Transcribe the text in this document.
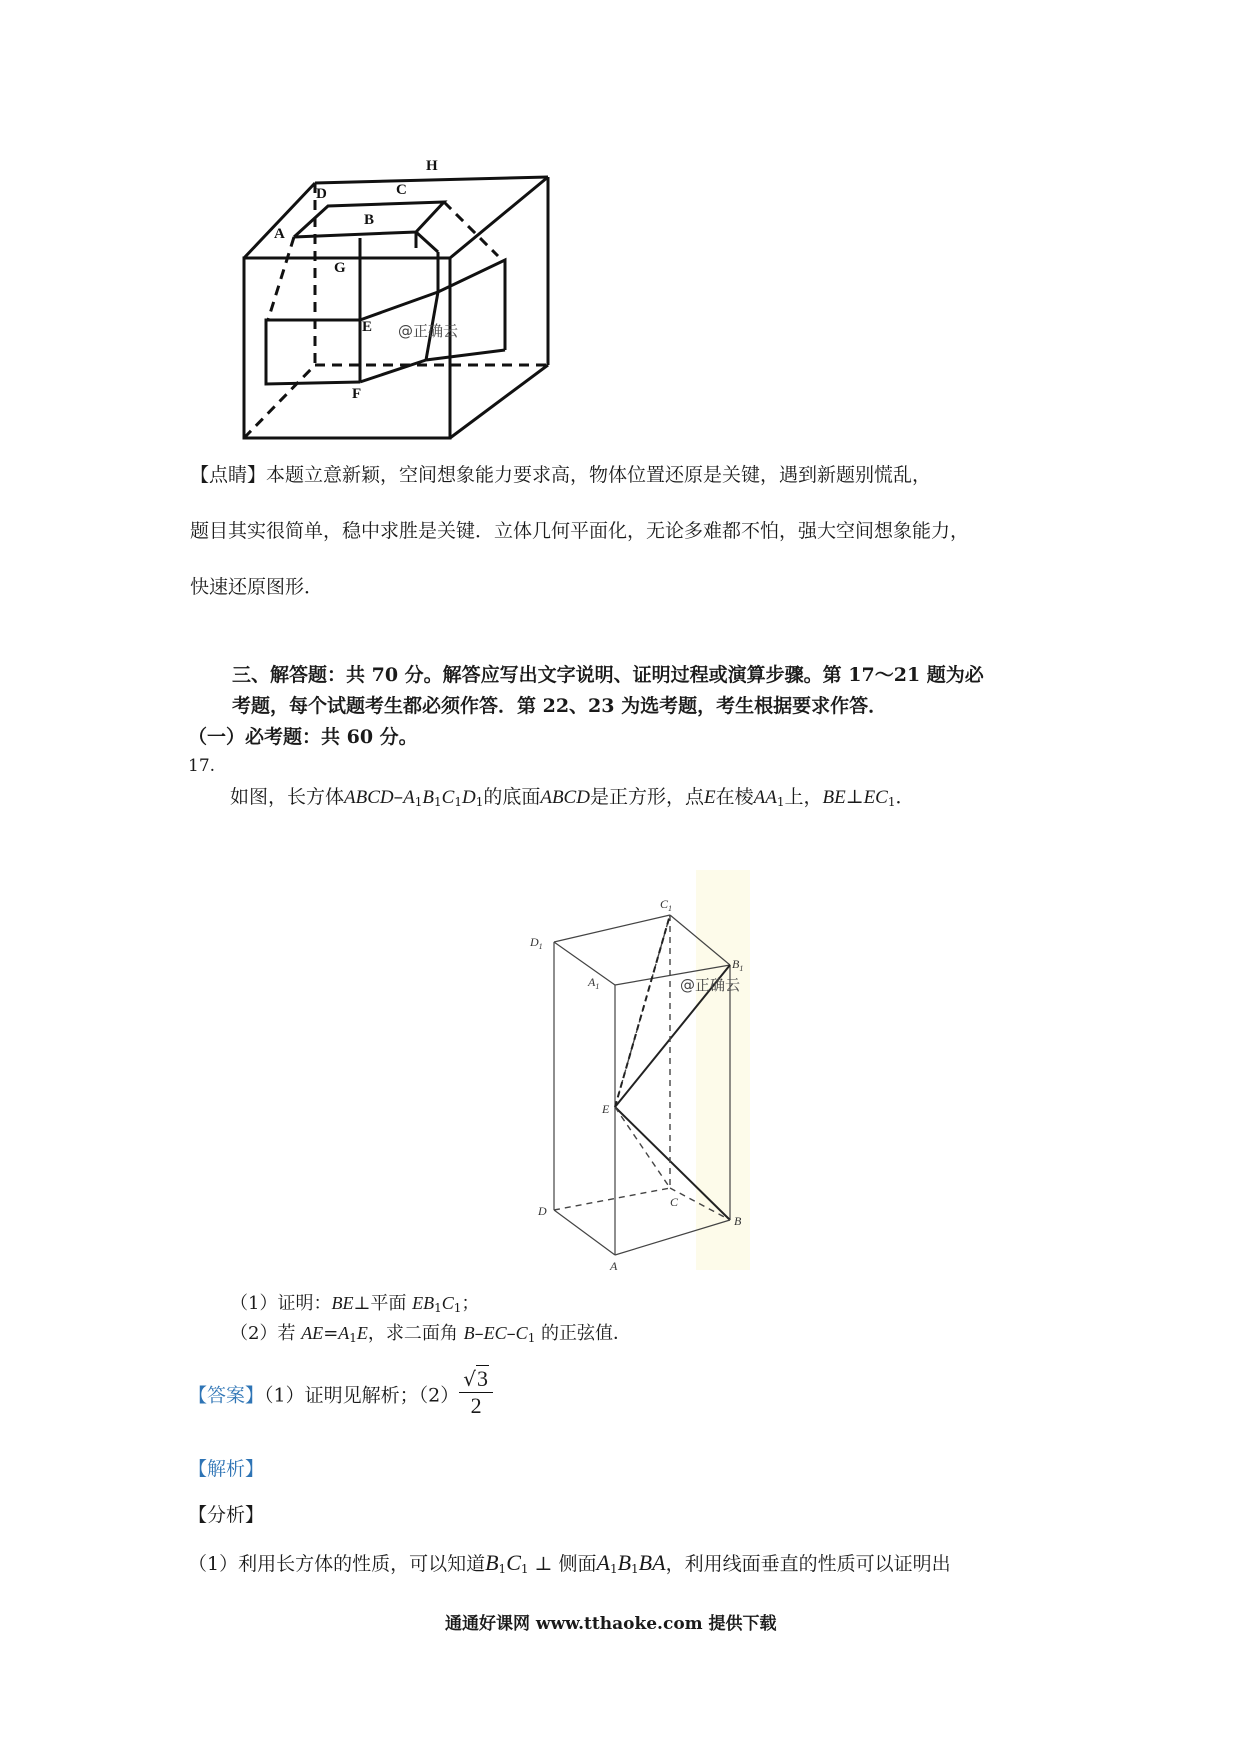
H
D	C
A
B
G
E
F
@正确云
【点睛】本题立意新颖，空间想象能力要求高，物体位置还原是关键，遇到新题别慌乱，
题目其实很简单，稳中求胜是关键．立体几何平面化，无论多难都不怕，强大空间想象能力，
快速还原图形．
三、解答题：共 70 分。解答应写出文字说明、证明过程或演算步骤。第 17～21 题为必
考题，每个试题考生都必须作答．第 22、23 为选考题，考生根据要求作答．
（一）必考题：共 60 分。
17.
如图，长方体ABCD–$A_1B_1C_1D_1$的底面ABCD是正方形，点E在棱$AA_1$上，$BE\perp EC_1$．
$C_1$
$D_1$
$B_1$
$A_1$
E
C
D
B
A
@正确云
（1）证明：BE⊥平面 $EB_1C_1$；
（2）若 $AE=A_1E$，求二面角 $B-EC-C_1$ 的正弦值．
【答案】（1）证明见解析；$(2) \frac{√3}{2}$
【解析】
【分析】
（1）利用长方体的性质，可以知道$B_1C_1$ ⊥ 侧面$A_1B_1BA$，利用线面垂直的性质可以证明出
通通好课网 www.tthaoke.com 提供下载
